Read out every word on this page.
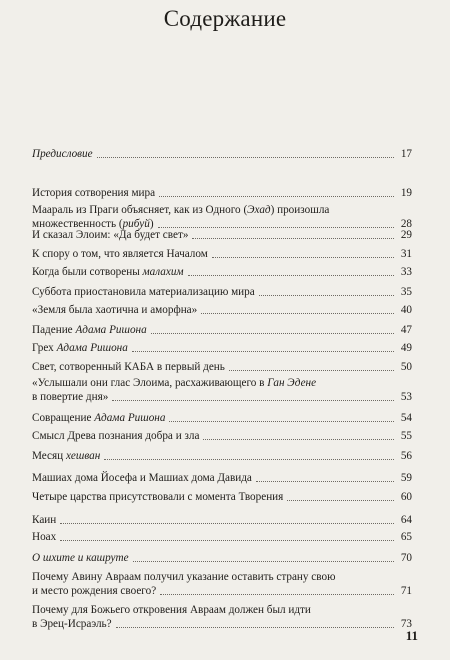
Содержание
Предисловие	17
История сотворения мира	19
Маараль из Праги объясняет, как из Одного (Эхад) произошла
множественность (рибуй)	28
И сказал Элоим: «Да будет свет»	29
К спору о том, что является Началом	31
Когда были сотворены малахим	33
Суббота приостановила материализацию мира	35
«Земля была хаотична и аморфна»	40
Падение Адама Ришона	47
Грех Адама Ришона	49
Свет, сотворенный КАБА в первый день	50
«Услышали они глас Элоима, расхаживающего в Ган Эдене
в повертие дня»	53
Совращение Адама Ришона	54
Смысл Древа познания добра и зла	55
Месяц хешван	56
Машиах дома Йосефа и Машиах дома Давида	59
Четыре царства присутствовали с момента Творения	60
Каин	64
Ноах	65
О шхите и кашруте	70
Почему Авину Авраам получил указание оставить страну свою
и место рождения своего?	71
Почему для Божьего откровения Авраам должен был идти
в Эрец-Исраэль?	73
11
